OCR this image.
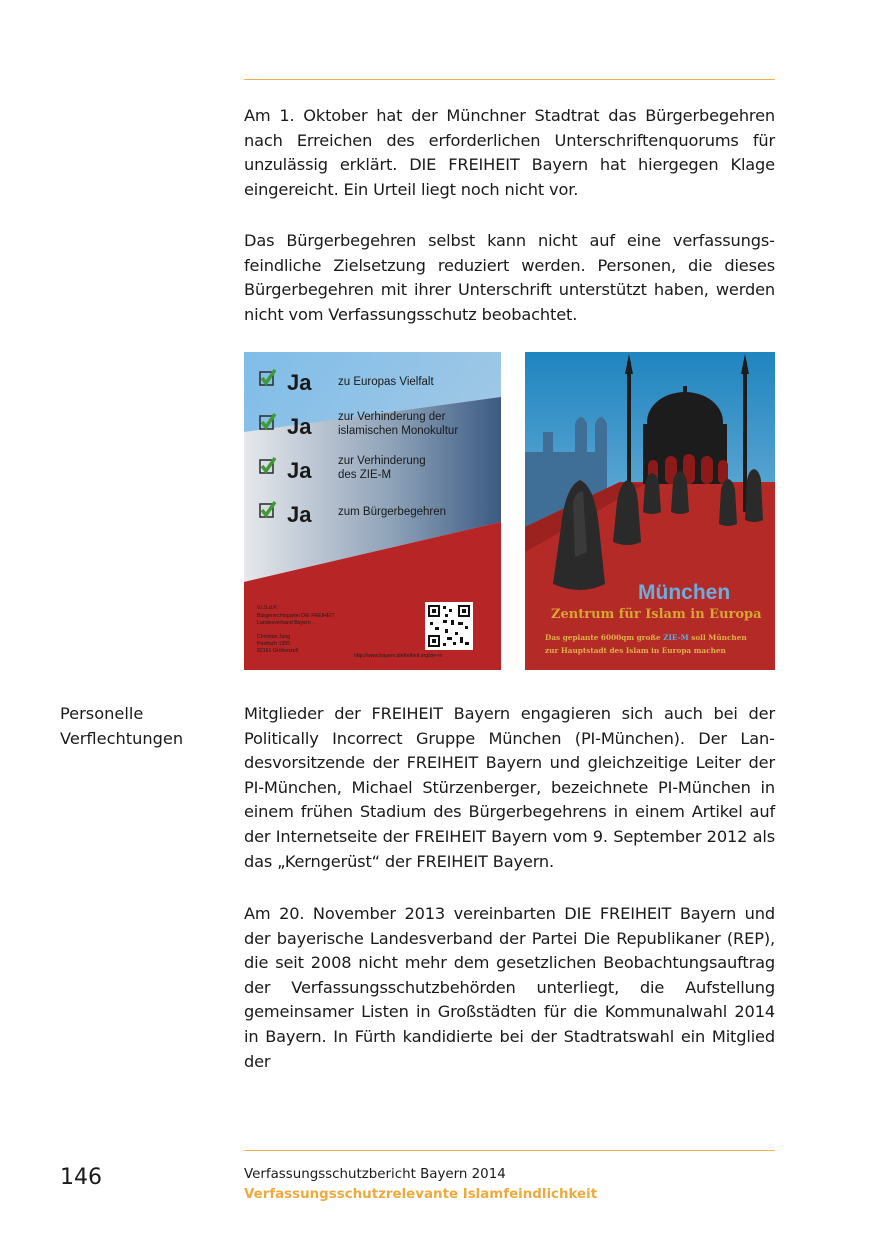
Am 1. Oktober hat der Münchner Stadtrat das Bürgerbegehren nach Erreichen des erforderlichen Unterschriftenquorums für unzulässig erklärt. DIE FREIHEIT Bayern hat hiergegen Klage eingereicht. Ein Urteil liegt noch nicht vor.

Das Bürgerbegehren selbst kann nicht auf eine verfassungsfeindliche Zielsetzung reduziert werden. Personen, die dieses Bürgerbegehren mit ihrer Unterschrift unterstützt haben, werden nicht vom Verfassungsschutz beobachtet.

Ja
Ja
Ja
Ja
zu Europas Vielfalt
zur Verhinderung der islamischen Monokultur
zur Verhinderung des ZIE-M
zum Bürgerbegehren
V.i.S.d.P.:
Bürgerrechtspartei DIE FREIHEIT
Landesverband Bayern
Christian Jung
Postfach 1355
82161 Gröbenzell
http://www.bayern.diefreiheit.org/zie-m
München
Zentrum für Islam in Europa
Das geplante 6000qm große ZIE-M soll München
zur Hauptstadt des Islam in Europa machen
Personelle
Verflechtungen

Mitglieder der FREIHEIT Bayern engagieren sich auch bei der Politically Incorrect Gruppe München (PI-München). Der Landesvorsitzende der FREIHEIT Bayern und gleichzeitige Leiter der PI-München, Michael Stürzenberger, bezeichnete PI-München in einem frühen Stadium des Bürgerbegehrens in einem Artikel auf der Internetseite der FREIHEIT Bayern vom 9. September 2012 als das „Kerngerüst“ der FREIHEIT Bayern.

Am 20. November 2013 vereinbarten DIE FREIHEIT Bayern und der bayerische Landesverband der Partei Die Republikaner (REP), die seit 2008 nicht mehr dem gesetzlichen Beobachtungsauftrag der Verfassungsschutzbehörden unterliegt, die Aufstellung gemeinsamer Listen in Großstädten für die Kommunalwahl 2014 in Bayern. In Fürth kandidierte bei der Stadtratswahl ein Mitglied der

146	Verfassungsschutzbericht Bayern 2014
Verfassungsschutzrelevante Islamfeindlichkeit
